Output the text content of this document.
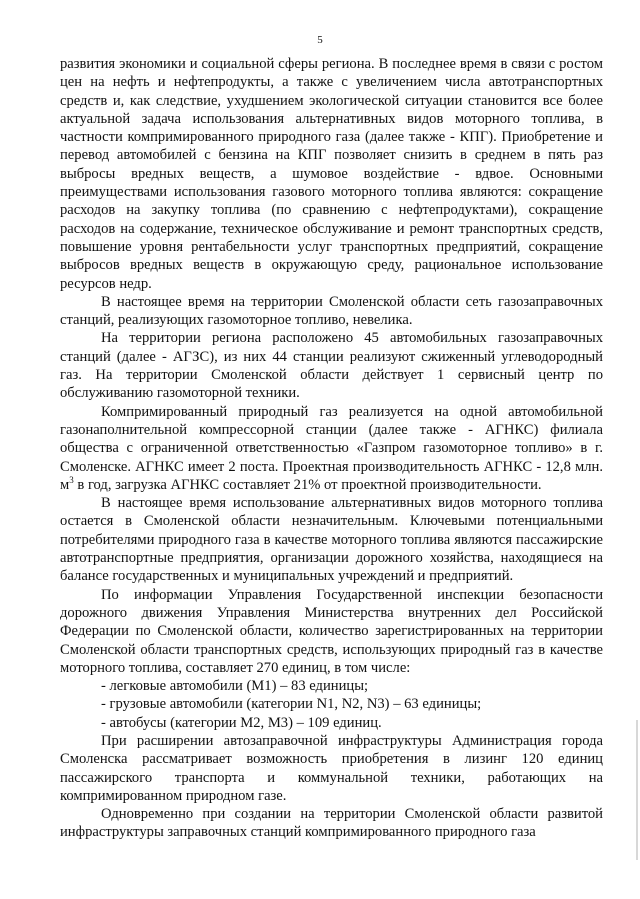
5

развития экономики и социальной сферы региона. В последнее время в связи с ростом цен на нефть и нефтепродукты, а также с увеличением числа автотранспортных средств и, как следствие, ухудшением экологической ситуации становится все более актуальной задача использования альтернативных видов моторного топлива, в частности компримированного природного газа (далее также - КПГ). Приобретение и перевод автомобилей с бензина на КПГ позволяет снизить в среднем в пять раз выбросы вредных веществ, а шумовое воздействие - вдвое. Основными преимуществами использования газового моторного топлива являются: сокращение расходов на закупку топлива (по сравнению с нефтепродуктами), сокращение расходов на содержание, техническое обслуживание и ремонт транспортных средств, повышение уровня рентабельности услуг транспортных предприятий, сокращение выбросов вредных веществ в окружающую среду, рациональное использование ресурсов недр.

В настоящее время на территории Смоленской области сеть газозаправочных станций, реализующих газомоторное топливо, невелика.

На территории региона расположено 45 автомобильных газозаправочных станций (далее - АГЗС), из них 44 станции реализуют сжиженный углеводородный газ. На территории Смоленской области действует 1 сервисный центр по обслуживанию газомоторной техники.

Компримированный природный газ реализуется на одной автомобильной газонаполнительной компрессорной станции (далее также - АГНКС) филиала общества с ограниченной ответственностью «Газпром газомоторное топливо» в г. Смоленске. АГНКС имеет 2 поста. Проектная производительность АГНКС - 12,8 млн. $м^3$ в год, загрузка АГНКС составляет 21% от проектной производительности.

В настоящее время использование альтернативных видов моторного топлива остается в Смоленской области незначительным. Ключевыми потенциальными потребителями природного газа в качестве моторного топлива являются пассажирские автотранспортные предприятия, организации дорожного хозяйства, находящиеся на балансе государственных и муниципальных учреждений и предприятий.

По информации Управления Государственной инспекции безопасности дорожного движения Управления Министерства внутренних дел Российской Федерации по Смоленской области, количество зарегистрированных на территории Смоленской области транспортных средств, использующих природный газ в качестве моторного топлива, составляет 270 единиц, в том числе:

- легковые автомобили (M1) – 83 единицы;

- грузовые автомобили (категории N1, N2, N3) – 63 единицы;

- автобусы (категории M2, M3) – 109 единиц.

При расширении автозаправочной инфраструктуры Администрация города Смоленска рассматривает возможность приобретения в лизинг 120 единиц пассажирского транспорта и коммунальной техники, работающих на компримированном природном газе.

Одновременно при создании на территории Смоленской области развитой инфраструктуры заправочных станций компримированного природного газа
